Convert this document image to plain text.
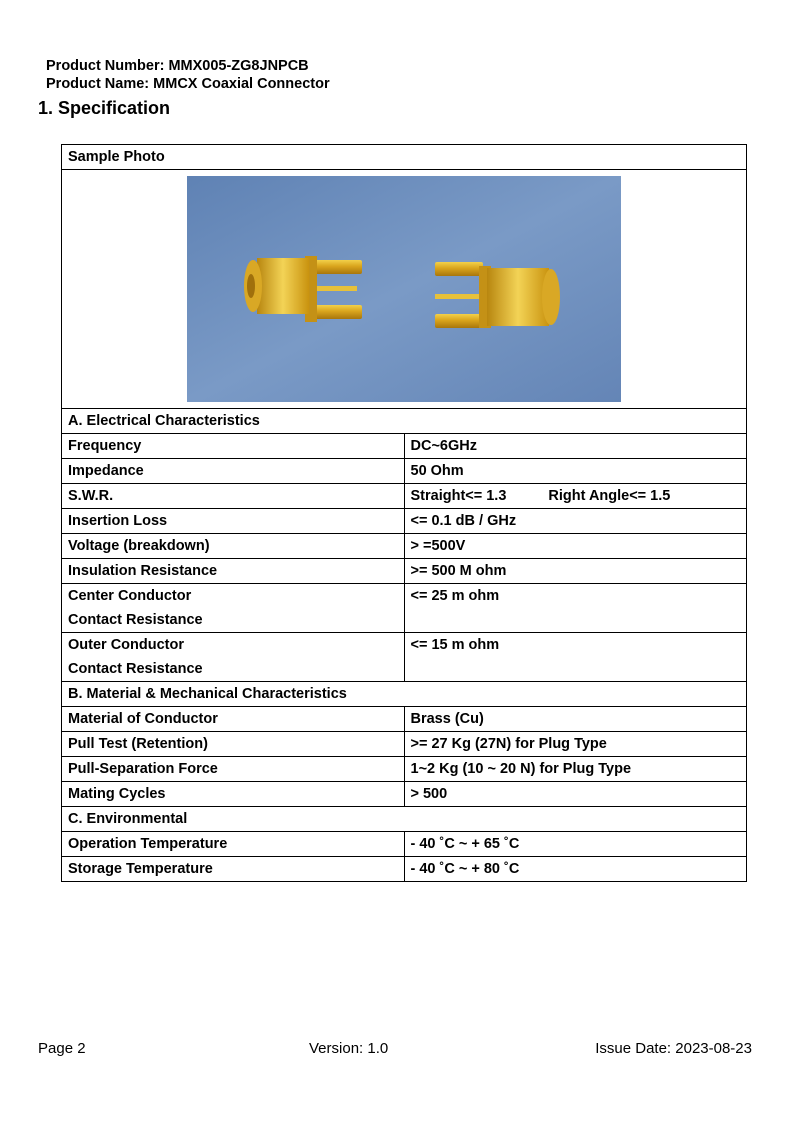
Product Number: MMX005-ZG8JNPCB
Product Name: MMCX Coaxial Connector
1. Specification
Sample Photo	

A. Electrical Characteristics	
Frequency	DC~6GHz
Impedance	50 Ohm
S.W.R.	Straight<= 1.3 Right Angle<= 1.5
Insertion Loss	<= 0.1 dB / GHz
Voltage (breakdown)	> =500V
Insulation Resistance	>= 500 M ohm

Center Conductor
Contact Resistance	<= 25 m ohm

Outer Conductor
Contact Resistance	<= 15 m ohm
B. Material & Mechanical Characteristics	
Material of Conductor	Brass (Cu)
Pull Test (Retention)	>= 27 Kg (27N) for Plug Type
Pull-Separation Force	1~2 Kg (10 ~ 20 N) for Plug Type
Mating Cycles	> 500
C. Environmental	
Operation Temperature	- 40 ˚C ~ + 65 ˚C
Storage Temperature	- 40 ˚C ~ + 80 ˚C
Page 2	Version: 1.0	Issue Date: 2023-08-23
